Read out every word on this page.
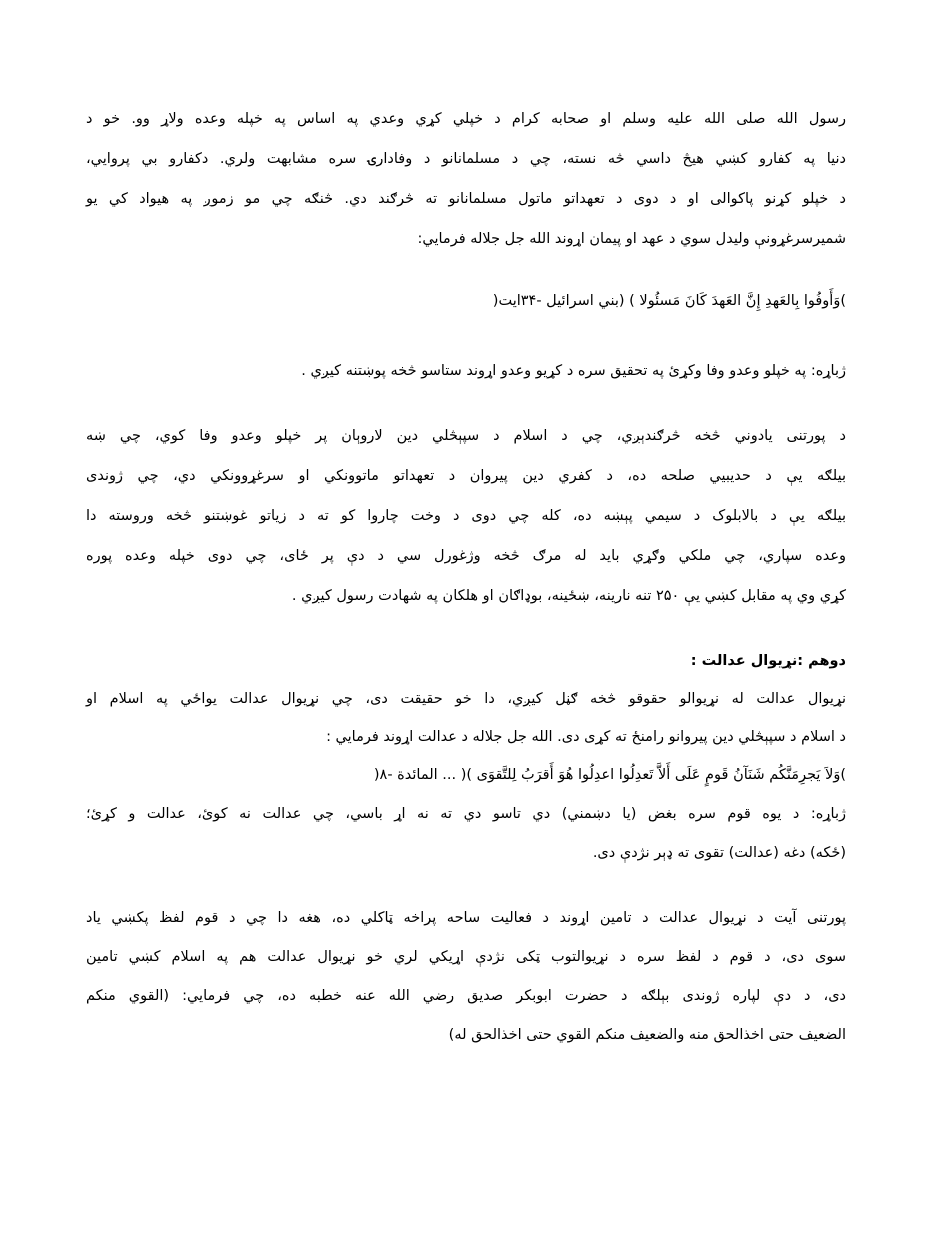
رسول الله صلی الله علیه وسلم او صحابه کرام د خپلي کړي وعدي په اساس په خپله وعده ولاړ وو. خو د
دنیا په کفارو کښي هيڅ داسي څه نسته، چي د مسلمانانو د وفادارۍ سره مشابهت ولري. دکفارو بي پروايي،
د خپلو کړنو پاکوالی او د دوی د تعهداتو ماتول مسلمانانو ته څرګند دي. څنګه چي مو زموږ په هیواد کي يو
شمیرسرغړونې ولیدل سوي د عهد او پیمان اړوند الله جل جلاله فرمايي:
)وَأَوفُوا بِالعَهدِ إِنَّ العَهدَ كَانَ مَسئُولا ) (بني اسرائیل -۳۴ایت(
ژباړه: په خپلو وعدو وفا وکړئ په تحقیق سره د کړیو وعدو اړوند ستاسو څخه پوښتنه کیږي .
د پورتنی یادوني څخه څرګندېږي، چي د اسلام د سپېڅلي دین لاروېان پر خپلو وعدو وفا کوي، چي ښه
بیلګه يې د حدیبيي صلحه ده، د کفري دین پیروان د تعهداتو ماتوونکي او سرغړوونکي دي، چي ژوندی
بیلګه يې د بالابلوک د سیمي پېښه ده، کله چي دوی د وخت چاروا کو ته د زیاتو غوښتنو څخه وروسته دا
وعده سپاري، چي ملکي وګړي باید له مرګ څخه وژغورل سي د دې پر ځای، چي دوی خپله وعده پوره
کړي وي په مقابل کښي يې ۲۵۰ تنه نارینه، ښځینه، بوډاګان او هلکان په شهادت رسول کیږي .
دوهم :نړیوال عدالت :
نړیوال عدالت له نړیوالو حقوقو څخه ګڼل کیږي، دا خو حقیقت دی، چي نړیوال عدالت یواځي په اسلام او
د اسلام د سپېڅلي دین پیروانو رامنځ ته کړی دی. الله جل جلاله د عدالت اړوند فرمايي :
)وَلاَ يَجرِمَنَّكُم شَنَآنُ قَومٍ عَلَى أَلاَّ تَعدِلُوا اعدِلُوا هُوَ أَقرَبُ لِلتَّقوَى )( ... المائدة -۸(
ژباړه: د يوه قوم سره بغض (یا دښمني) دي تاسو دي ته نه اړ باسي، چي عدالت نه کوئ، عدالت و کړئ؛
(ځکه) دغه (عدالت) تقوی ته ډېر نژدې دی.
پورتنی آیت د نړیوال عدالت د تامین اړوند د فعالیت ساحه پراخه ټاکلي ده، هغه دا چي د قوم لفظ پکښي یاد
سوی دی، د قوم د لفظ سره د نړیوالتوب ټکی نژدې اړیکي لري خو نړیوال عدالت هم په اسلام کښي تامین
دی، د دې لپاره ژوندی بېلګه د حضرت ابوبکر صدیق رضي الله عنه خطبه ده، چي فرمايي: (القوي منکم
الضعیف حتی اخذالحق منه والضعیف منکم القوي حتی اخذالحق له)
